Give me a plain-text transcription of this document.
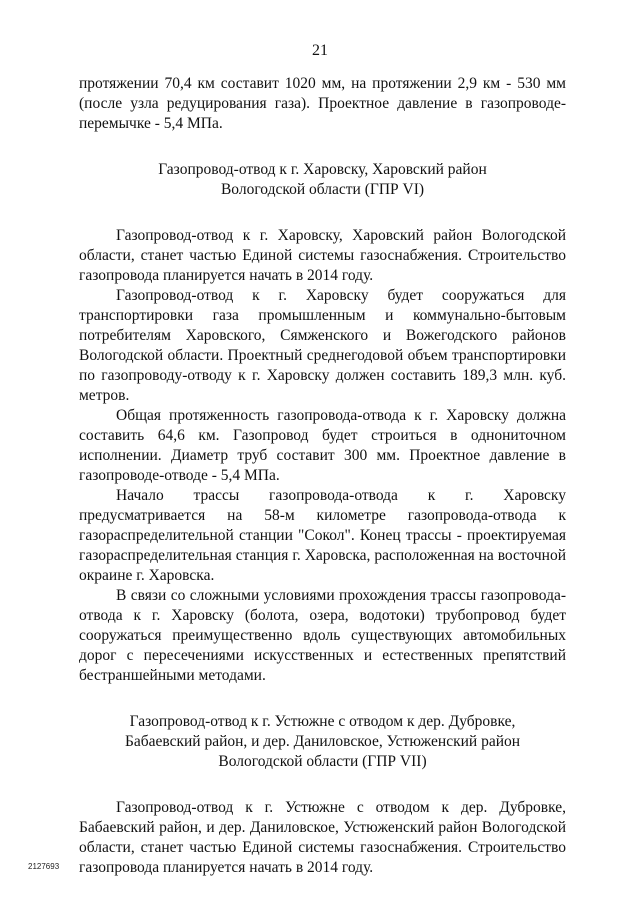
21

протяжении 70,4 км составит 1020 мм, на протяжении 2,9 км - 530 мм (после узла редуцирования газа). Проектное давление в газопроводе-перемычке - 5,4 МПа.

Газопровод-отвод к г. Харовску, Харовский район
Вологодской области (ГПР VI)

Газопровод-отвод к г. Харовску, Харовский район Вологодской области, станет частью Единой системы газоснабжения. Строительство газопровода планируется начать в 2014 году.

Газопровод-отвод к г. Харовску будет сооружаться для транспортировки газа промышленным и коммунально-бытовым потребителям Харовского, Сямженского и Вожегодского районов Вологодской области. Проектный среднегодовой объем транспортировки по газопроводу-отводу к г. Харовску должен составить 189,3 млн. куб. метров.

Общая протяженность газопровода-отвода к г. Харовску должна составить 64,6 км. Газопровод будет строиться в однониточном исполнении. Диаметр труб составит 300 мм. Проектное давление в газопроводе-отводе - 5,4 МПа.

Начало трассы газопровода-отвода к г. Харовску предусматривается на 58-м километре газопровода-отвода к газораспределительной станции "Сокол". Конец трассы - проектируемая газораспределительная станция г. Харовска, расположенная на восточной окраине г. Харовска.

В связи со сложными условиями прохождения трассы газопровода-отвода к г. Харовску (болота, озера, водотоки) трубопровод будет сооружаться преимущественно вдоль существующих автомобильных дорог с пересечениями искусственных и естественных препятствий бестраншейными методами.

Газопровод-отвод к г. Устюжне с отводом к дер. Дубровке,
Бабаевский район, и дер. Даниловское, Устюженский район
Вологодской области (ГПР VII)

Газопровод-отвод к г. Устюжне с отводом к дер. Дубровке, Бабаевский район, и дер. Даниловское, Устюженский район Вологодской области, станет частью Единой системы газоснабжения. Строительство газопровода планируется начать в 2014 году.

2127693
